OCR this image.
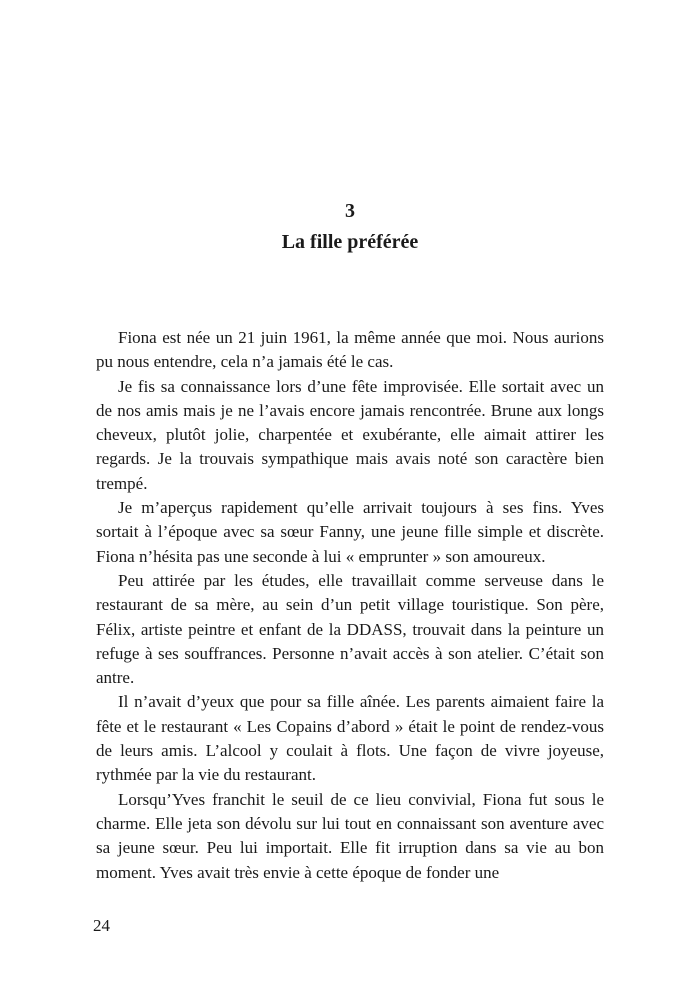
3

La fille préférée

Fiona est née un 21 juin 1961, la même année que moi. Nous aurions pu nous entendre, cela n’a jamais été le cas.

Je fis sa connaissance lors d’une fête improvisée. Elle sortait avec un de nos amis mais je ne l’avais encore jamais rencontrée. Brune aux longs cheveux, plutôt jolie, charpentée et exubérante, elle aimait attirer les regards. Je la trouvais sympathique mais avais noté son caractère bien trempé.

Je m’aperçus rapidement qu’elle arrivait toujours à ses fins. Yves sortait à l’époque avec sa sœur Fanny, une jeune fille simple et discrète. Fiona n’hésita pas une seconde à lui « emprunter » son amoureux.

Peu attirée par les études, elle travaillait comme serveuse dans le restaurant de sa mère, au sein d’un petit village touristique. Son père, Félix, artiste peintre et enfant de la DDASS, trouvait dans la peinture un refuge à ses souffrances. Personne n’avait accès à son atelier. C’était son antre.

Il n’avait d’yeux que pour sa fille aînée. Les parents aimaient faire la fête et le restaurant « Les Copains d’abord » était le point de rendez-vous de leurs amis. L’alcool y coulait à flots. Une façon de vivre joyeuse, rythmée par la vie du restaurant.

Lorsqu’Yves franchit le seuil de ce lieu convivial, Fiona fut sous le charme. Elle jeta son dévolu sur lui tout en connaissant son aventure avec sa jeune sœur. Peu lui importait. Elle fit irruption dans sa vie au bon moment. Yves avait très envie à cette époque de fonder une

24
